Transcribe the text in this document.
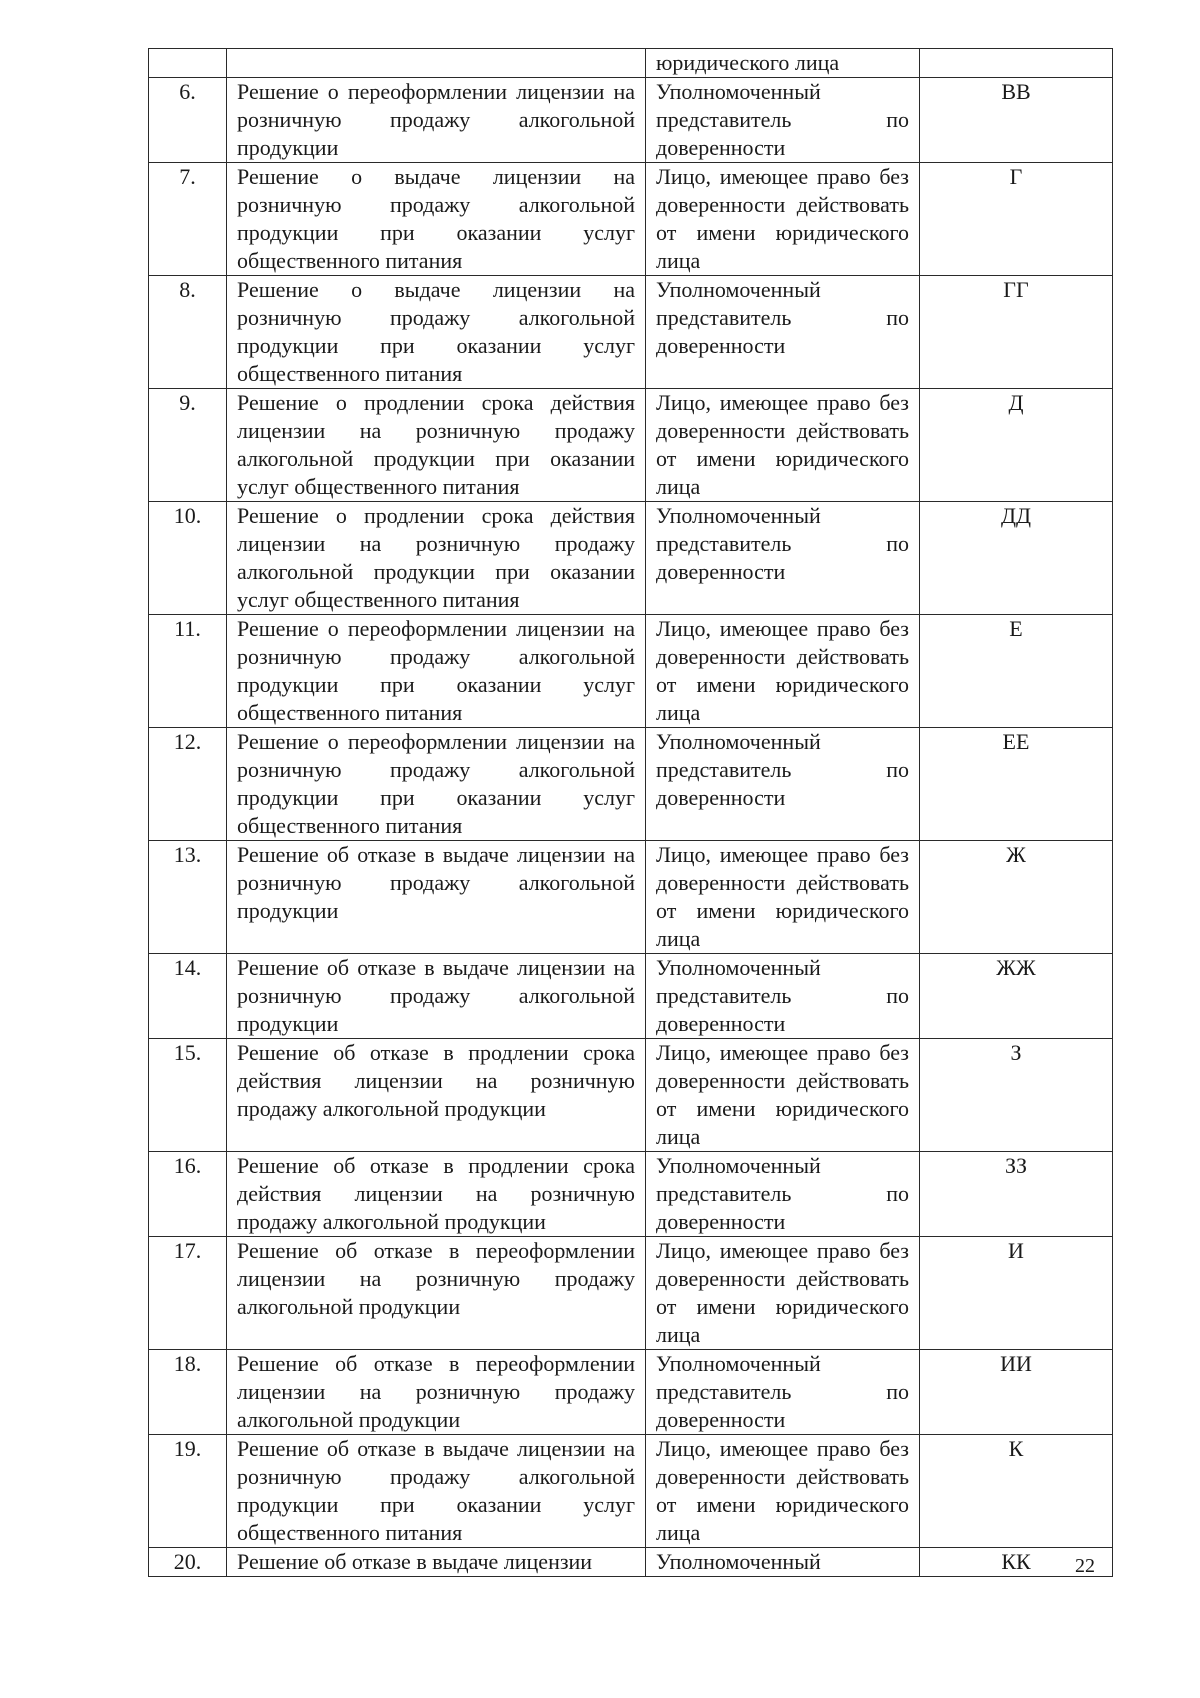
		юридического лица	
6.	Решение о переоформлении лицензии на розничную продажу алкогольной продукции	Уполномоченный представитель по доверенности	ВВ
7.	Решение о выдаче лицензии на розничную продажу алкогольной продукции при оказании услуг общественного питания	Лицо, имеющее право без доверенности действовать от имени юридического лица	Г
8.	Решение о выдаче лицензии на розничную продажу алкогольной продукции при оказании услуг общественного питания	Уполномоченный представитель по доверенности	ГГ
9.	Решение о продлении срока действия лицензии на розничную продажу алкогольной продукции при оказании услуг общественного питания	Лицо, имеющее право без доверенности действовать от имени юридического лица	Д
10.	Решение о продлении срока действия лицензии на розничную продажу алкогольной продукции при оказании услуг общественного питания	Уполномоченный представитель по доверенности	ДД
11.	Решение о переоформлении лицензии на розничную продажу алкогольной продукции при оказании услуг общественного питания	Лицо, имеющее право без доверенности действовать от имени юридического лица	Е
12.	Решение о переоформлении лицензии на розничную продажу алкогольной продукции при оказании услуг общественного питания	Уполномоченный представитель по доверенности	ЕЕ
13.	Решение об отказе в выдаче лицензии на розничную продажу алкогольной продукции	Лицо, имеющее право без доверенности действовать от имени юридического лица	Ж
14.	Решение об отказе в выдаче лицензии на розничную продажу алкогольной продукции	Уполномоченный представитель по доверенности	ЖЖ
15.	Решение об отказе в продлении срока действия лицензии на розничную продажу алкогольной продукции	Лицо, имеющее право без доверенности действовать от имени юридического лица	З
16.	Решение об отказе в продлении срока действия лицензии на розничную продажу алкогольной продукции	Уполномоченный представитель по доверенности	ЗЗ
17.	Решение об отказе в переоформлении лицензии на розничную продажу алкогольной продукции	Лицо, имеющее право без доверенности действовать от имени юридического лица	И
18.	Решение об отказе в переоформлении лицензии на розничную продажу алкогольной продукции	Уполномоченный представитель по доверенности	ИИ
19.	Решение об отказе в выдаче лицензии на розничную продажу алкогольной продукции при оказании услуг общественного питания	Лицо, имеющее право без доверенности действовать от имени юридического лица	К
20.	Решение об отказе в выдаче лицензии	Уполномоченный	КК 22
